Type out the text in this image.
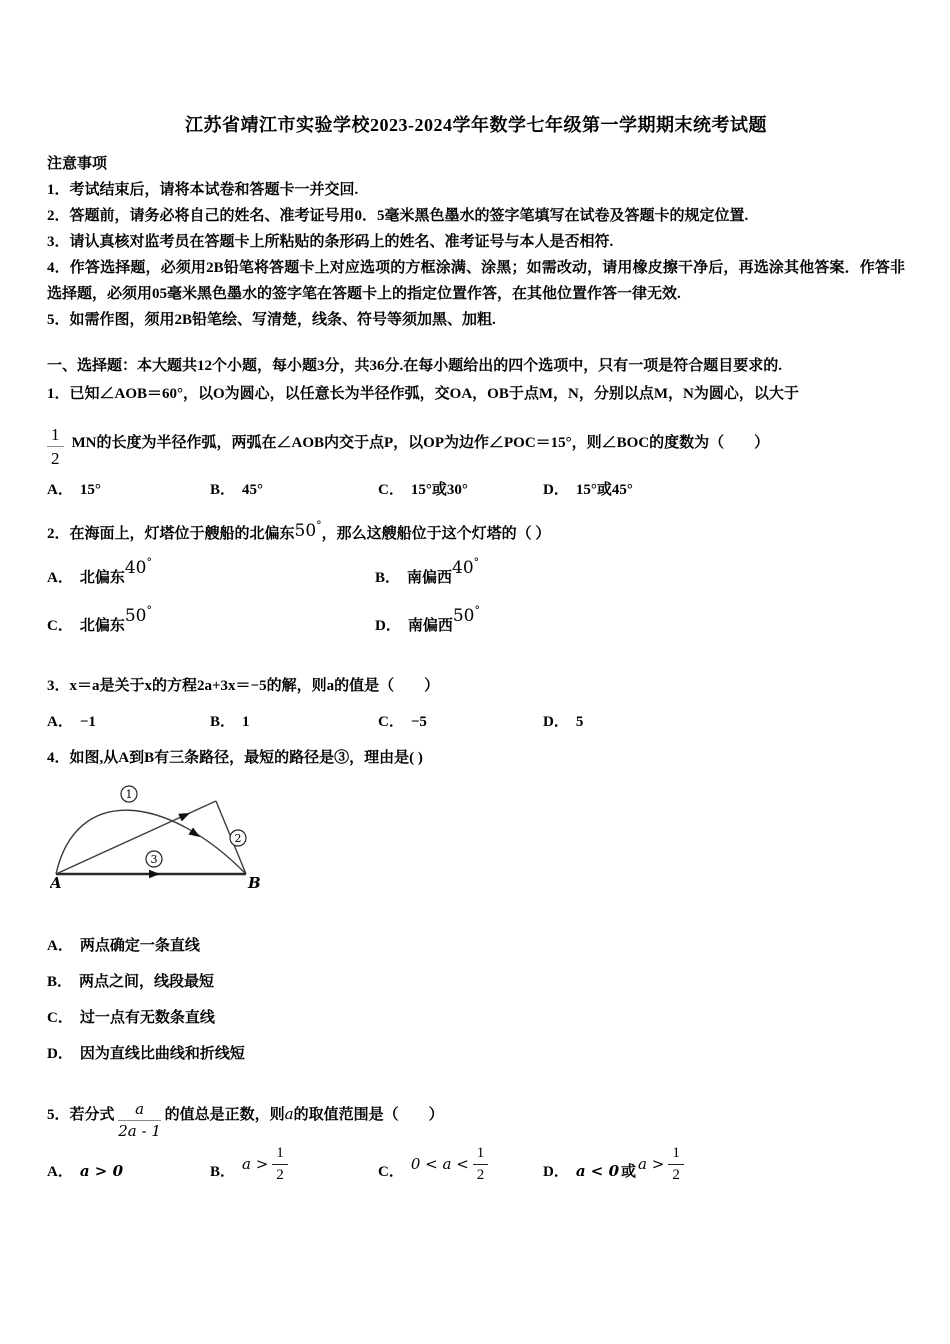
江苏省靖江市实验学校2023-2024学年数学七年级第一学期期末统考试题
注意事项

1．考试结束后，请将本试卷和答题卡一并交回.

2．答题前，请务必将自己的姓名、准考证号用0．5毫米黑色墨水的签字笔填写在试卷及答题卡的规定位置.

3．请认真核对监考员在答题卡上所粘贴的条形码上的姓名、准考证号与本人是否相符.

4．作答选择题，必须用2B铅笔将答题卡上对应选项的方框涂满、涂黑；如需改动，请用橡皮擦干净后，再选涂其他答案．作答非选择题，必须用05毫米黑色墨水的签字笔在答题卡上的指定位置作答，在其他位置作答一律无效.

5．如需作图，须用2B铅笔绘、写清楚，线条、符号等须加黑、加粗.

一、选择题：本大题共12个小题，每小题3分，共36分.在每小题给出的四个选项中，只有一项是符合题目要求的.

1．已知∠AOB＝60°，以O为圆心，以任意长为半径作弧，交OA，OB于点M，N，分别以点M，N为圆心，以大于

$\frac{1}{2}$ MN的长度为半径作弧，两弧在∠AOB内交于点P，以OP为边作∠POC＝15°，则∠BOC的度数为（　　）
A． 15°	B． 45°	C． 15°或30°	D． 15°或45°

2．在海面上，灯塔位于艘船的北偏东50°，那么这艘船位于这个灯塔的（ ）

A． 北偏东40°
B． 南偏西40°
C． 北偏东50°
D． 南偏西50°

3．x＝a是关于x的方程2a+3x＝−5的解，则a的值是（　　）

A． −1	B． 1	C． −5	D． 5

4．如图,从A到B有三条路径，最短的路径是③，理由是( )

1
2
3
A	B
A． 两点确定一条直线
B． 两点之间，线段最短
C． 过一点有无数条直线
D． 因为直线比曲线和折线短

5．若分式 $\frac{a}{2a - 1}$ 的值总是正数，则a的取值范围是（　　）

A． a > 0	B． $a > \frac{1}{2}$	C． $0 < a < \frac{1}{2}$	D． a < 0 或 $a > \frac{1}{2}$
